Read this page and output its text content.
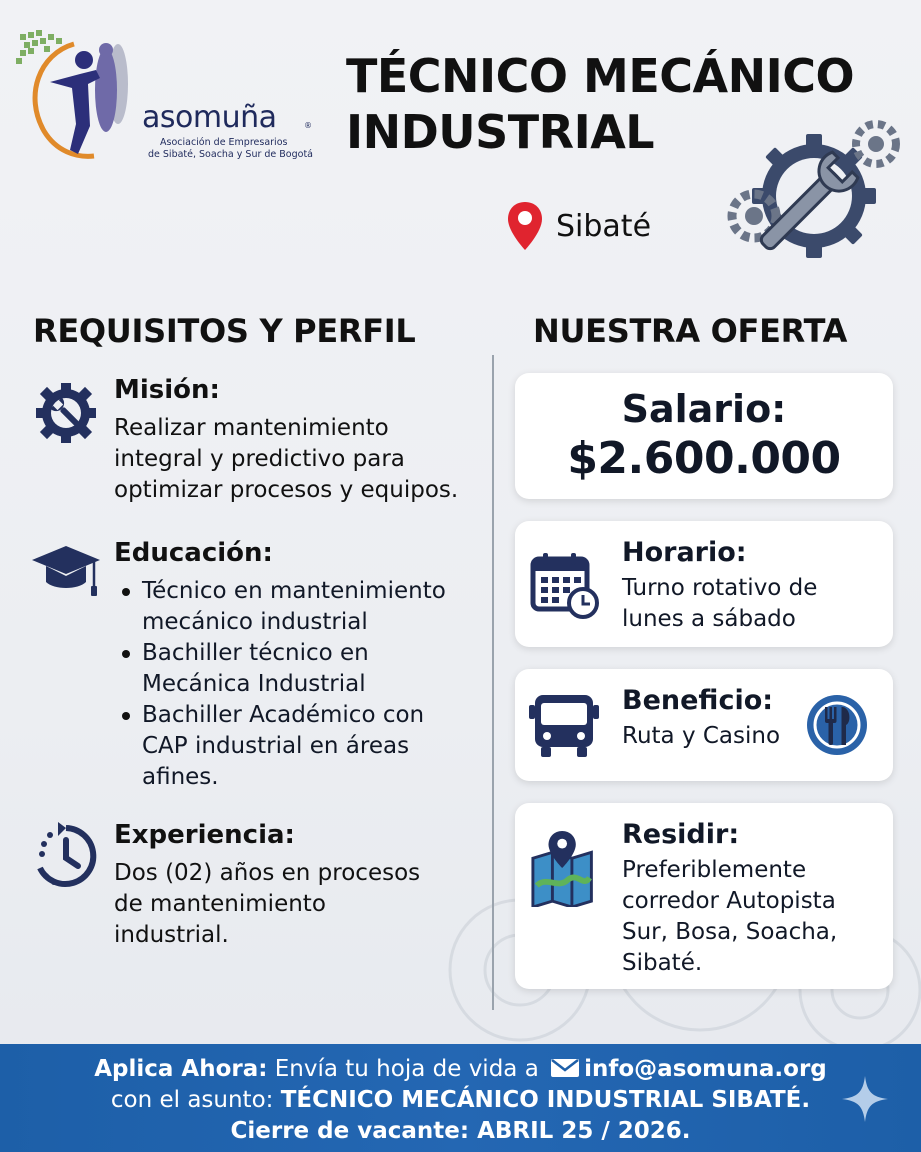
asomuña	®
Asociación de Empresarios
de Sibaté, Soacha y Sur de Bogotá
TÉCNICO MECÁNICO
INDUSTRIAL
Sibaté
REQUISITOS Y PERFIL	NUESTRA OFERTA
Misión:
Realizar mantenimiento
integral y predictivo para
optimizar procesos y equipos.
Educación:
Técnico en mantenimiento
mecánico industrial
Bachiller técnico en
Mecánica Industrial
Bachiller Académico con
CAP industrial en áreas
afines.
Experiencia:
Dos (02) años en procesos
de mantenimiento
industrial.
Salario:
$2.600.000
Horario:
Turno rotativo de
lunes a sábado
Beneficio:
Ruta y Casino
Residir:
Preferiblemente
corredor Autopista
Sur, Bosa, Soacha,
Sibaté.
Aplica Ahora: Envía tu hoja de vida a info@asomuna.org
con el asunto: TÉCNICO MECÁNICO INDUSTRIAL SIBATÉ.
Cierre de vacante: ABRIL 25 / 2026.
